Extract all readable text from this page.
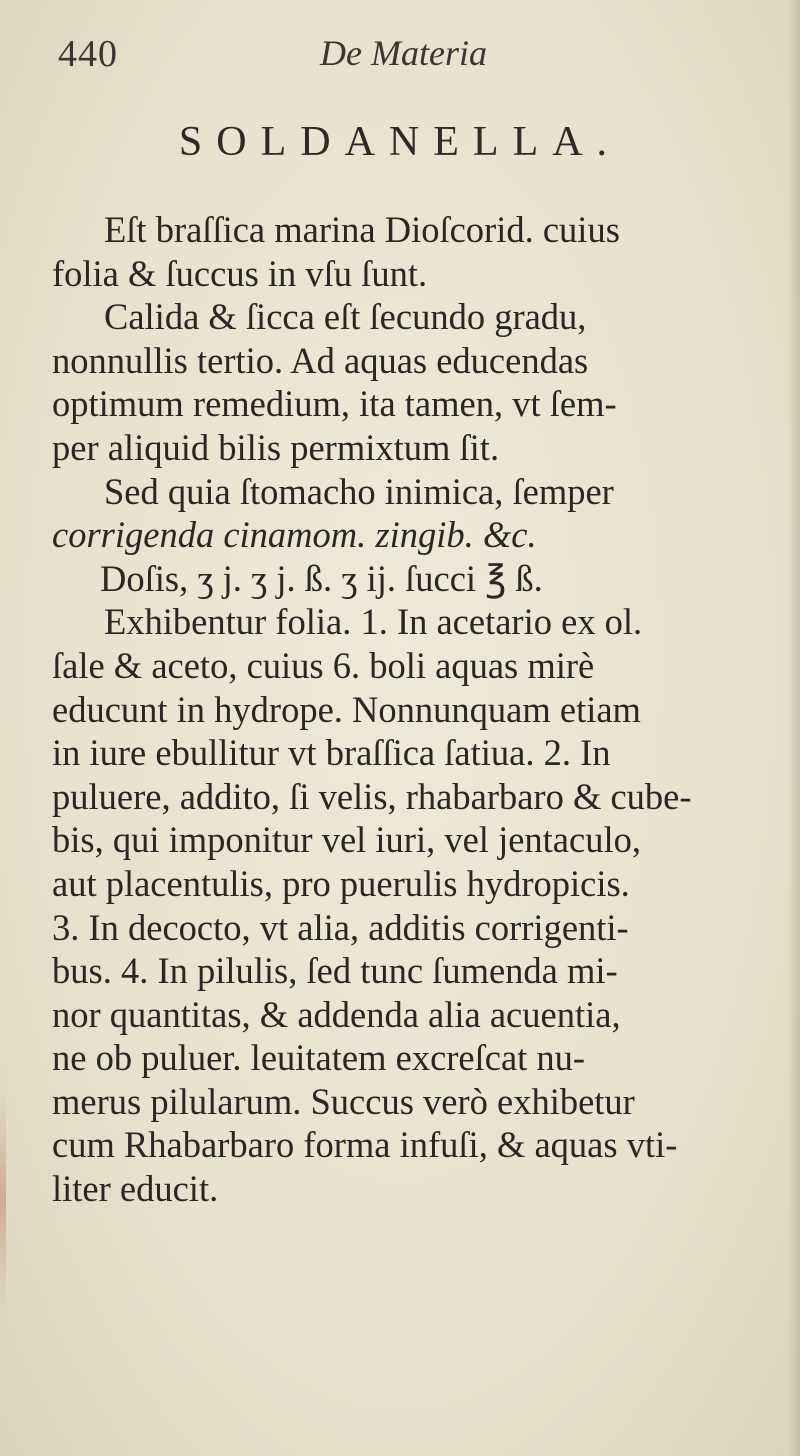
440	De Materia
SOLDANELLA.
Eſt braſſica marina Dioſcorid. cuius
folia & ſuccus in vſu ſunt.
Calida & ſicca eſt ſecundo gradu,
nonnullis tertio. Ad aquas educendas
optimum remedium, ita tamen, vt ſem-
per aliquid bilis permixtum ſit.
Sed quia ſtomacho inimica, ſemper
corrigenda cinamom. zingib. &c.
Doſis, ʒ j. ʒ j. ß. ʒ ij. ſucci ℥ ß.
Exhibentur folia. 1. In acetario ex ol.
ſale & aceto, cuius 6. boli aquas mirè
educunt in hydrope. Nonnunquam etiam
in iure ebullitur vt braſſica ſatiua. 2. In
puluere, addito, ſi velis, rhabarbaro & cube-
bis, qui imponitur vel iuri, vel jentaculo,
aut placentulis, pro puerulis hydropicis.
3. In decocto, vt alia, additis corrigenti-
bus. 4. In pilulis, ſed tunc ſumenda mi-
nor quantitas, & addenda alia acuentia,
ne ob puluer. leuitatem excreſcat nu-
merus pilularum. Succus verò exhibetur
cum Rhabarbaro forma infuſi, & aquas vti-
liter educit.
